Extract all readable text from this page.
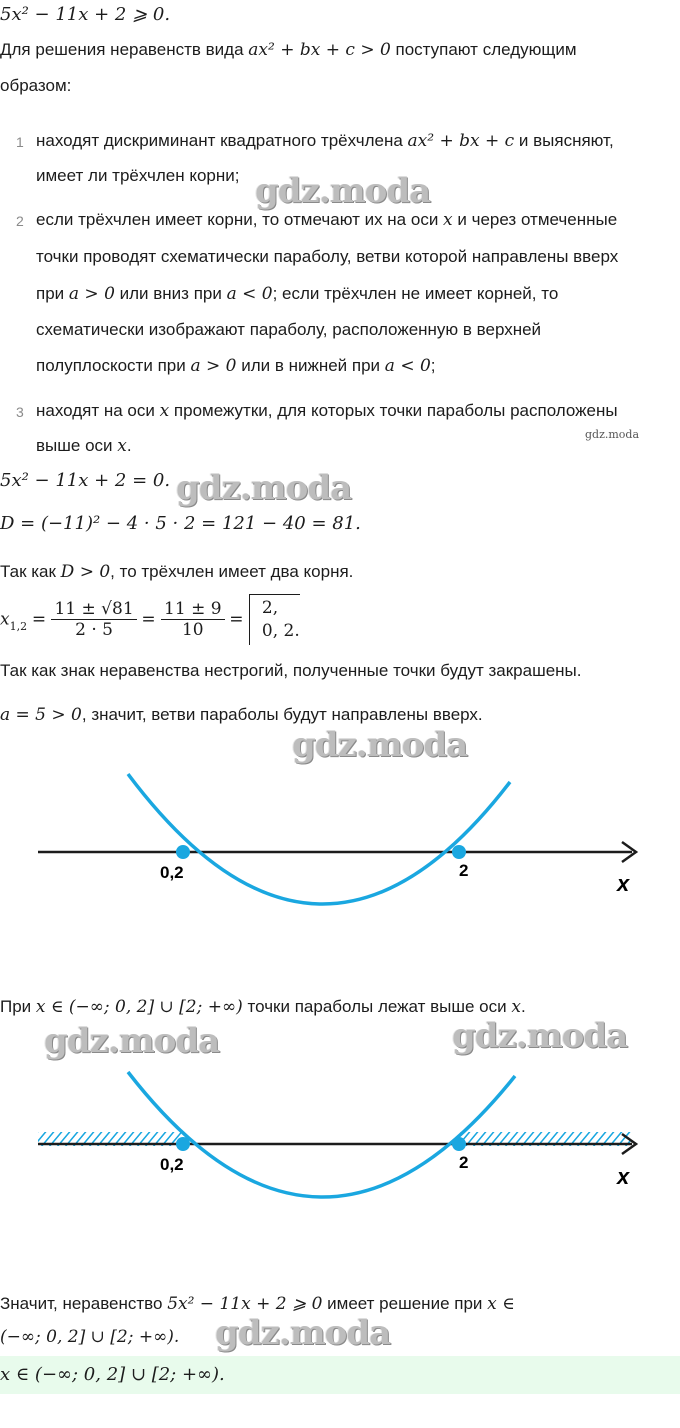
5x² − 11x + 2 ⩾ 0.
Для решения неравенств вида ax² + bx + c > 0 поступают следующим
образом:
1 находят дискриминант квадратного трёхчлена ax² + bx + c и выясняют,
имеет ли трёхчлен корни;
2 если трёхчлен имеет корни, то отмечают их на оси x и через отмеченные
точки проводят схематически параболу, ветви которой направлены вверх
при a > 0 или вниз при a < 0; если трёхчлен не имеет корней, то
схематически изображают параболу, расположенную в верхней
полуплоскости при a > 0 или в нижней при a < 0;
3 находят на оси x промежутки, для которых точки параболы расположены
выше оси x.
5x² − 11x + 2 = 0.
D = (−11)² − 4 · 5 · 2 = 121 − 40 = 81.
Так как D > 0, то трёхчлен имеет два корня.
$x_{1,2} = \frac{11 \pm √81}{2 \cdot 5} = \frac{11 \pm 9}{10}$ =
2,
0, 2.
Так как знак неравенства нестрогий, полученные точки будут закрашены.
a = 5 > 0, значит, ветви параболы будут направлены вверх.
0,2	2
x
При x ∈ (−∞; 0, 2] ∪ [2; +∞) точки параболы лежат выше оси x.
0,2	2
x
Значит, неравенство 5x² − 11x + 2 ⩾ 0 имеет решение при x ∈
(−∞; 0, 2] ∪ [2; +∞).
x ∈ (−∞; 0, 2] ∪ [2; +∞).
gdz.moda
gdz.moda
gdz.moda
gdz.moda
gdz.moda	gdz.moda
gdz.moda
